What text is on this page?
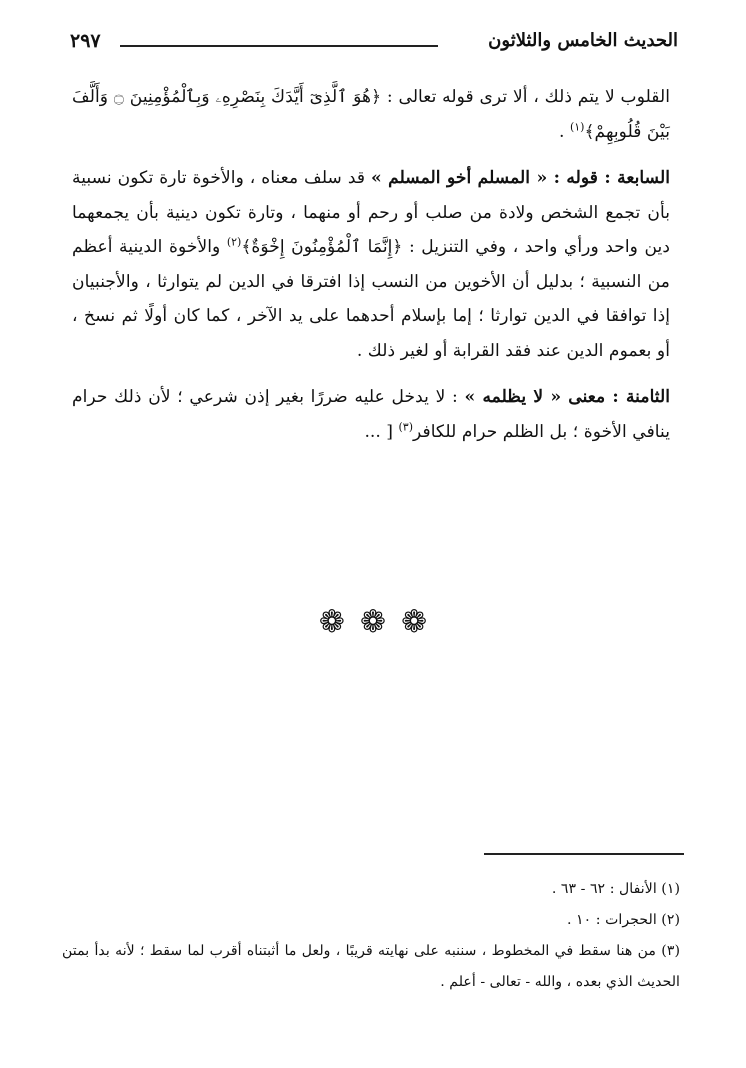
٢٩٧	الحديث الخامس والثلاثون

القلوب لا يتم ذلك ، ألا ترى قوله تعالى : ﴿هُوَ ٱلَّذِىٓ أَيَّدَكَ بِنَصْرِهِۦ وَبِٱلْمُؤْمِنِينَ ۝ وَأَلَّفَ بَيْنَ قُلُوبِهِمْ﴾$^{(١)}$ .

السابعة : قوله : « المسلم أخو المسلم » قد سلف معناه ، والأخوة تارة تكون نسبية بأن تجمع الشخص ولادة من صلب أو رحم أو منهما ، وتارة تكون دينية بأن يجمعهما دين واحد ورأي واحد ، وفي التنزيل : ﴿إِنَّمَا ٱلْمُؤْمِنُونَ إِخْوَةٌ﴾$^{(٢)}$ والأخوة الدينية أعظم من النسبية ؛ بدليل أن الأخوين من النسب إذا افترقا في الدين لم يتوارثا ، والأجنبيان إذا توافقا في الدين توارثا ؛ إما بإسلام أحدهما على يد الآخر ، كما كان أولًا ثم نسخ ، أو بعموم الدين عند فقد القرابة أو لغير ذلك .

الثامنة : معنى « لا يظلمه » : لا يدخل عليه ضررًا بغير إذن شرعي ؛ لأن ذلك حرام ينافي الأخوة ؛ بل الظلم حرام للكافر$^{(٣)}$ [ ...

❁ ❁ ❁

(١) الأنفال : ٦٢ - ٦٣ .

(٢) الحجرات : ١٠ .

(٣) من هنا سقط في المخطوط ، سننبه على نهايته قريبًا ، ولعل ما أثبتناه أقرب لما سقط ؛ لأنه بدأ بمتن الحديث الذي بعده ، والله - تعالى - أعلم .
